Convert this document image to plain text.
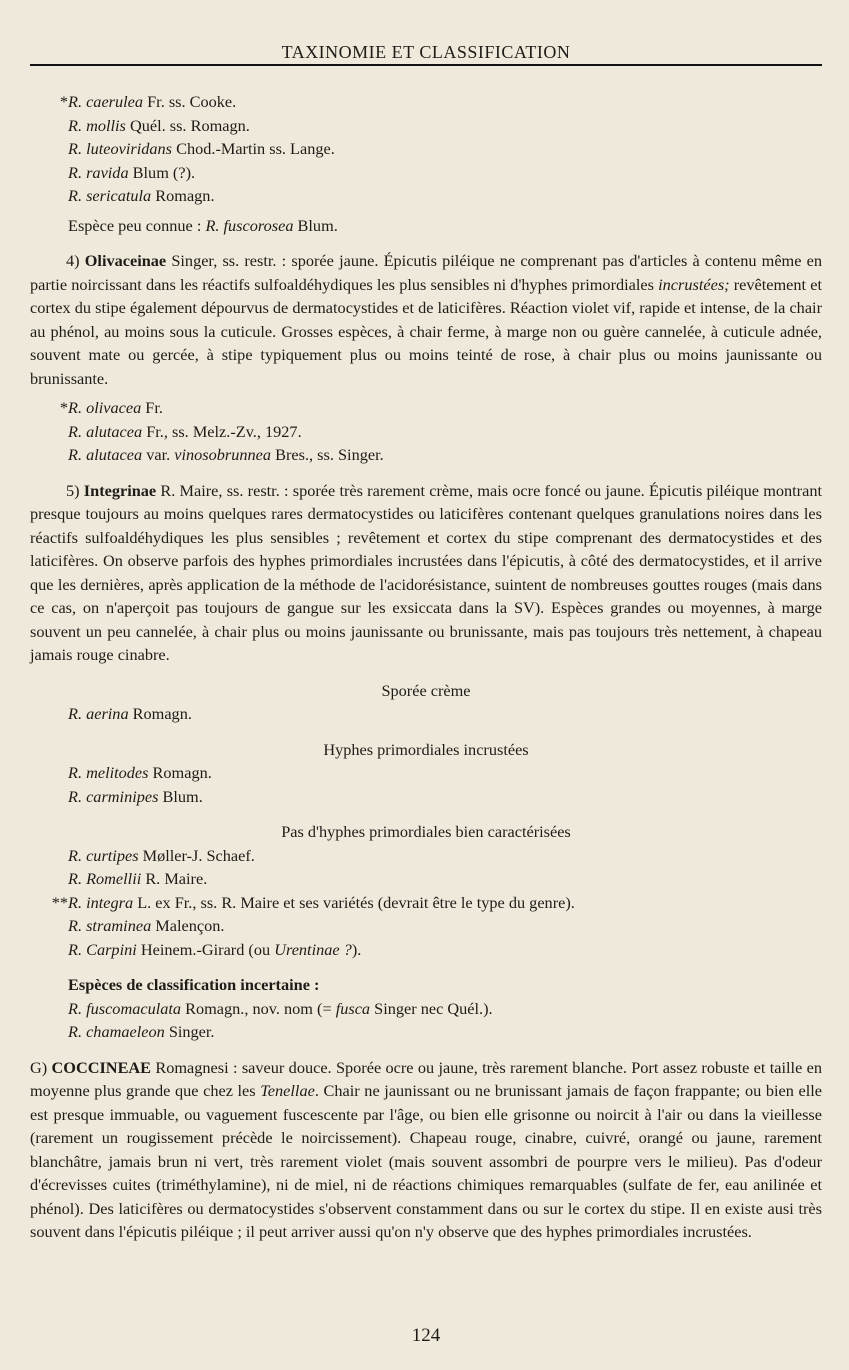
TAXINOMIE ET CLASSIFICATION

* R. caerulea Fr. ss. Cooke.

R. mollis Quél. ss. Romagn.

R. luteoviridans Chod.-Martin ss. Lange.

R. ravida Blum (?).

R. sericatula Romagn.

Espèce peu connue : R. fuscorosea Blum.

4) Olivaceinae Singer, ss. restr. : sporée jaune. Épicutis piléique ne comprenant pas d'articles à contenu même en partie noircissant dans les réactifs sulfoaldéhydiques les plus sensibles ni d'hyphes primordiales incrustées; revêtement et cortex du stipe également dépourvus de dermatocystides et de laticifères. Réaction violet vif, rapide et intense, de la chair au phénol, au moins sous la cuticule. Grosses espèces, à chair ferme, à marge non ou guère cannelée, à cuticule adnée, souvent mate ou gercée, à stipe typiquement plus ou moins teinté de rose, à chair plus ou moins jaunissante ou brunissante.

* R. olivacea Fr.

R. alutacea Fr., ss. Melz.-Zv., 1927.

R. alutacea var. vinosobrunnea Bres., ss. Singer.

5) Integrinae R. Maire, ss. restr. : sporée très rarement crème, mais ocre foncé ou jaune. Épicutis piléique montrant presque toujours au moins quelques rares dermatocystides ou laticifères contenant quelques granulations noires dans les réactifs sulfoaldéhydiques les plus sensibles ; revêtement et cortex du stipe comprenant des dermatocystides et des laticifères. On observe parfois des hyphes primordiales incrustées dans l'épicutis, à côté des dermatocystides, et il arrive que les dernières, après application de la méthode de l'acidorésistance, suintent de nombreuses gouttes rouges (mais dans ce cas, on n'aperçoit pas toujours de gangue sur les exsiccata dans la SV). Espèces grandes ou moyennes, à marge souvent un peu cannelée, à chair plus ou moins jaunissante ou brunissante, mais pas toujours très nettement, à chapeau jamais rouge cinabre.

Sporée crème

R. aerina Romagn.

Hyphes primordiales incrustées

R. melitodes Romagn.

R. carminipes Blum.

Pas d'hyphes primordiales bien caractérisées

R. curtipes Møller-J. Schaef.

R. Romellii R. Maire.

** R. integra L. ex Fr., ss. R. Maire et ses variétés (devrait être le type du genre).

R. straminea Malençon.

R. Carpini Heinem.-Girard (ou Urentinae ?).

Espèces de classification incertaine :

R. fuscomaculata Romagn., nov. nom (= fusca Singer nec Quél.).

R. chamaeleon Singer.

G) COCCINEAE Romagnesi : saveur douce. Sporée ocre ou jaune, très rarement blanche. Port assez robuste et taille en moyenne plus grande que chez les Tenellae. Chair ne jaunissant ou ne brunissant jamais de façon frappante; ou bien elle est presque immuable, ou vaguement fuscescente par l'âge, ou bien elle grisonne ou noircit à l'air ou dans la vieillesse (rarement un rougissement précède le noircissement). Chapeau rouge, cinabre, cuivré, orangé ou jaune, rarement blanchâtre, jamais brun ni vert, très rarement violet (mais souvent assombri de pourpre vers le milieu). Pas d'odeur d'écrevisses cuites (triméthylamine), ni de miel, ni de réactions chimiques remarquables (sulfate de fer, eau anilinée et phénol). Des laticifères ou dermatocystides s'observent constamment dans ou sur le cortex du stipe. Il en existe ausi très souvent dans l'épicutis piléique ; il peut arriver aussi qu'on n'y observe que des hyphes primordiales incrustées.

124
